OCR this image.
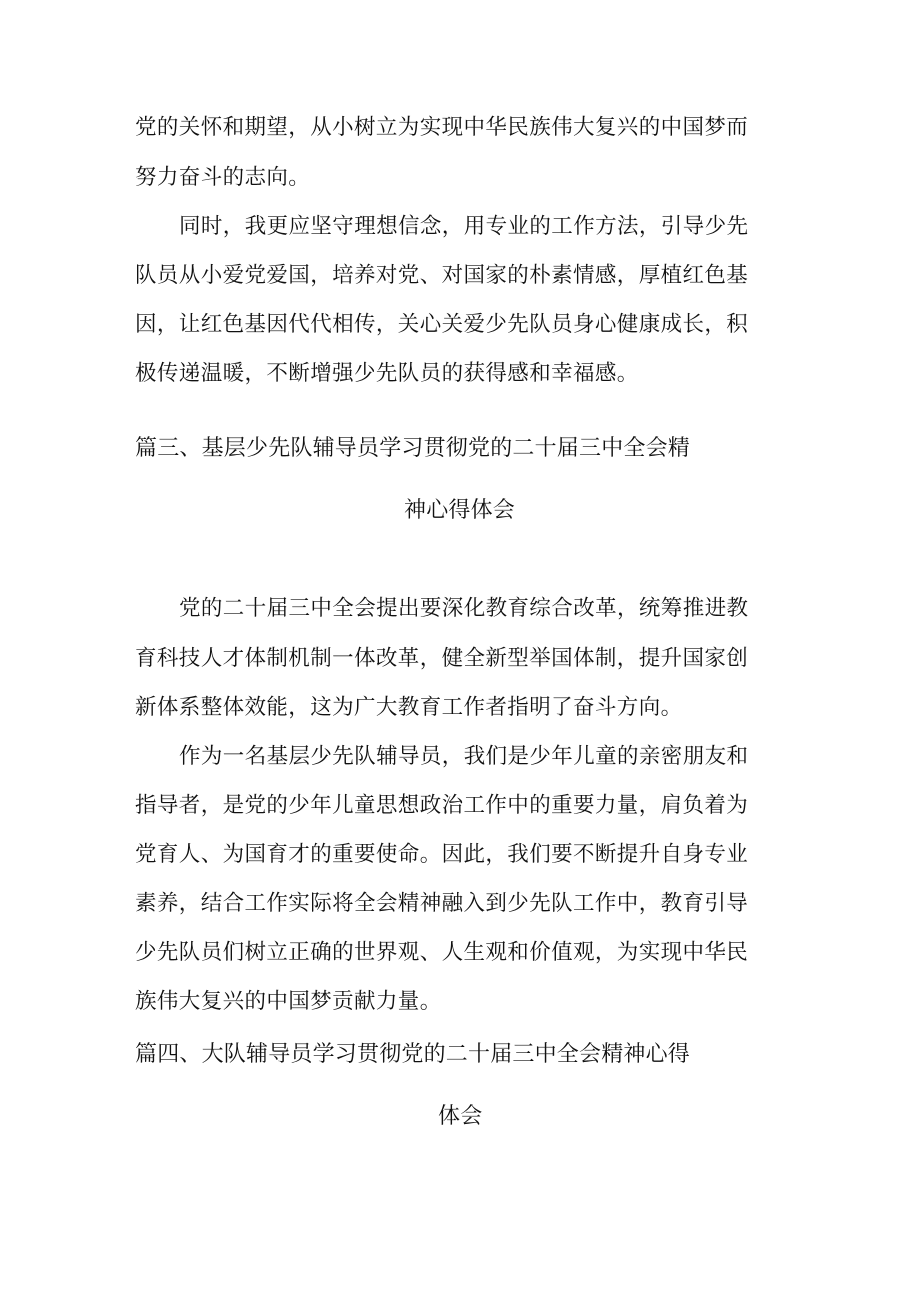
党的关怀和期望，从小树立为实现中华民族伟大复兴的中国梦而
努力奋斗的志向。
同时，我更应坚守理想信念，用专业的工作方法，引导少先
队员从小爱党爱国，培养对党、对国家的朴素情感，厚植红色基
因，让红色基因代代相传，关心关爱少先队员身心健康成长，积
极传递温暖，不断增强少先队员的获得感和幸福感。
篇三、基层少先队辅导员学习贯彻党的二十届三中全会精
神心得体会
党的二十届三中全会提出要深化教育综合改革，统筹推进教
育科技人才体制机制一体改革，健全新型举国体制，提升国家创
新体系整体效能，这为广大教育工作者指明了奋斗方向。
作为一名基层少先队辅导员，我们是少年儿童的亲密朋友和
指导者，是党的少年儿童思想政治工作中的重要力量，肩负着为
党育人、为国育才的重要使命。因此，我们要不断提升自身专业
素养，结合工作实际将全会精神融入到少先队工作中，教育引导
少先队员们树立正确的世界观、人生观和价值观，为实现中华民
族伟大复兴的中国梦贡献力量。
篇四、大队辅导员学习贯彻党的二十届三中全会精神心得
体会
